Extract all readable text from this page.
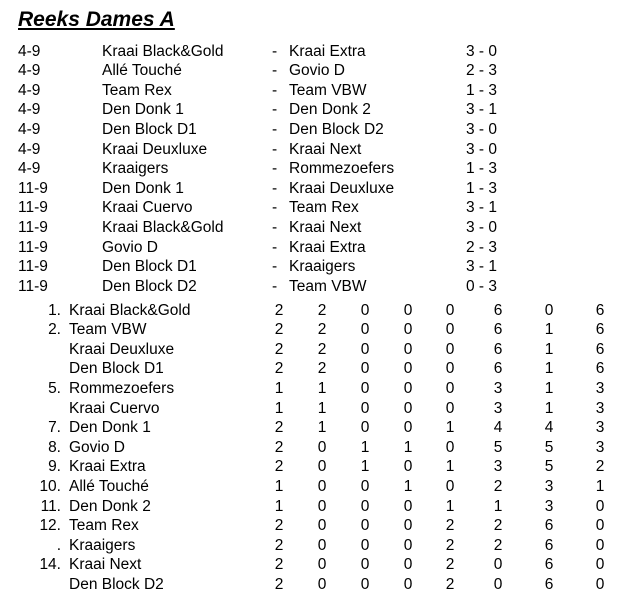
Reeks Dames A
4-9	Kraai Black&Gold	- Kraai Extra	3 - 0
4-9	Allé Touché	- Govio D	2 - 3
4-9	Team Rex	- Team VBW	1 - 3
4-9	Den Donk 1	- Den Donk 2	3 - 1
4-9	Den Block D1	- Den Block D2	3 - 0
4-9	Kraai Deuxluxe	- Kraai Next	3 - 0
4-9	Kraaigers	- Rommezoefers	1 - 3
11-9	Den Donk 1	- Kraai Deuxluxe	1 - 3
11-9	Kraai Cuervo	- Team Rex	3 - 1
11-9	Kraai Black&Gold	- Kraai Next	3 - 0
11-9	Govio D	- Kraai Extra	2 - 3
11-9	Den Block D1	- Kraaigers	3 - 1
11-9	Den Block D2	- Team VBW	0 - 3
1. Kraai Black&Gold	2 2 0 0 0	6	0	6
2. Team VBW	2 2 0 0 0	6	1	6
Kraai Deuxluxe	2 2 0 0 0	6	1	6
Den Block D1	2 2 0 0 0	6	1	6
5. Rommezoefers	1 1 0 0 0	3	1	3
Kraai Cuervo	1 1 0 0 0	3	1	3
7. Den Donk 1	2 1 0 0 1	4	4	3
8. Govio D	2 0 1 1 0	5	5	3
9. Kraai Extra	2 0 1 0 1	3	5	2
10. Allé Touché	1 0 0 1 0	2	3	1
11. Den Donk 2	1 0 0 0 1	1	3	0
12. Team Rex	2 0 0 0 2	2	6	0
. Kraaigers	2 0 0 0 2	2	6	0
14. Kraai Next	2 0 0 0 2	0	6	0
Den Block D2	2 0 0 0 2	0	6	0
